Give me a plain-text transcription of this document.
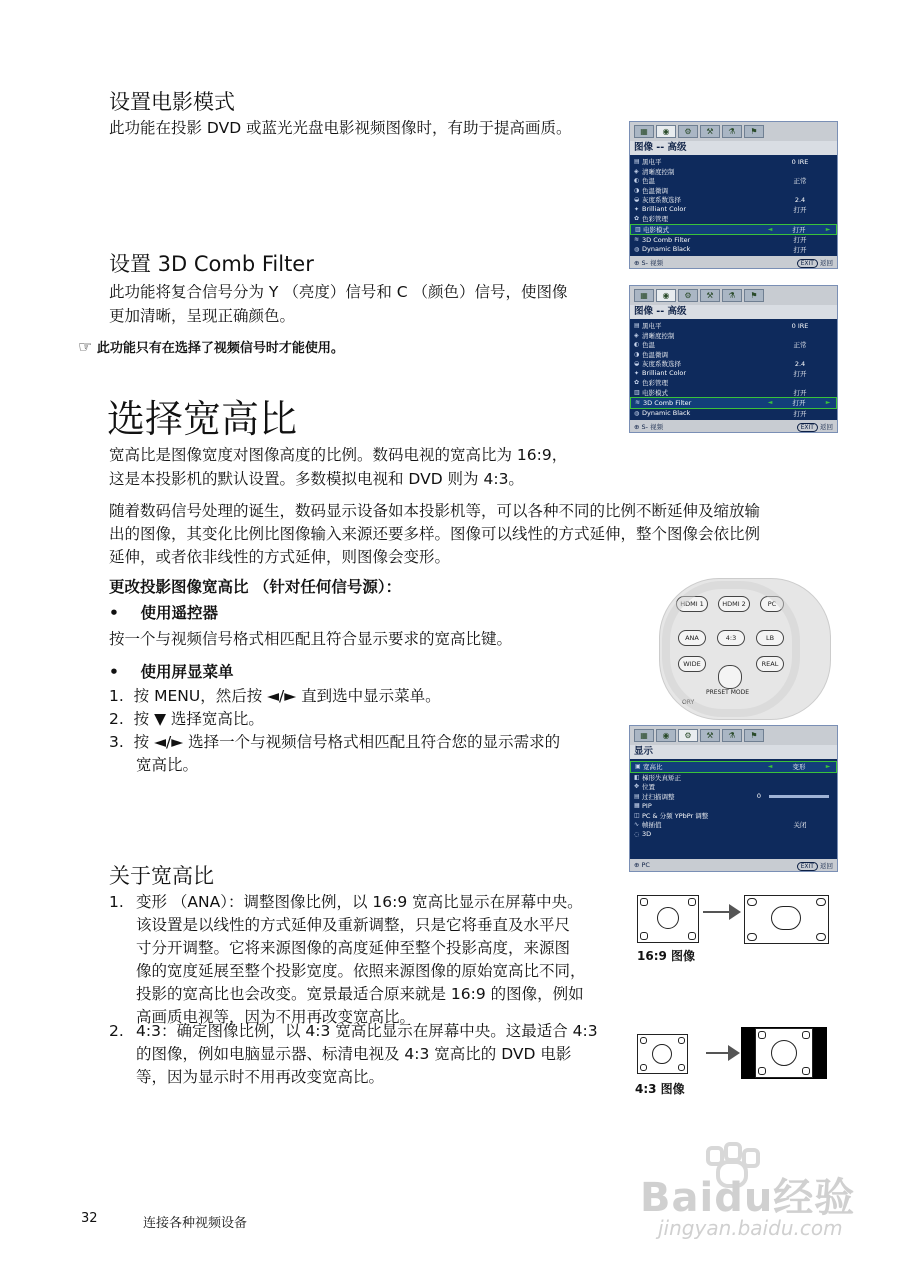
设置电影模式
此功能在投影 DVD 或蓝光光盘电影视频图像时，有助于提高画质。	▦	◉	⚙	⚒	⚗	⚑
图像 -- 高级
▤ 黑电平	0 IRE
◈ 清晰度控制
◐ 色温	正常
◑ 色温微调
◒ 灰度系数选择	2.4
✦ Brilliant Color	打开
✿ 色彩管理
▥ 电影模式	◄	打开	►
≋ 3D Comb Filter	打开
◍ Dynamic Black	打开
⊕ S- 视频	EXIT 返回
设置 3D Comb Filter
此功能将复合信号分为 Y （亮度）信号和 C （颜色）信号，使图像
更加清晰，呈现正确颜色。
☞ 此功能只有在选择了视频信号时才能使用。
▦	◉	⚙	⚒	⚗	⚑
图像 -- 高级
▤ 黑电平	0 IRE
◈ 清晰度控制
◐ 色温	正常
◑ 色温微调
◒ 灰度系数选择	2.4
✦ Brilliant Color	打开
✿ 色彩管理
▥ 电影模式	打开
≋ 3D Comb Filter	◄	打开	►
◍ Dynamic Black	打开
⊕ S- 视频	EXIT 返回
选择宽高比
宽高比是图像宽度对图像高度的比例。数码电视的宽高比为 16:9，
这是本投影机的默认设置。多数模拟电视和 DVD 则为 4:3。
随着数码信号处理的诞生，数码显示设备如本投影机等，可以各种不同的比例不断延伸及缩放输
出的图像，其变化比例比图像输入来源还要多样。图像可以线性的方式延伸，整个图像会依比例
延伸，或者依非线性的方式延伸，则图像会变形。
更改投影图像宽高比 （针对任何信号源）：
•    使用遥控器
按一个与视频信号格式相匹配且符合显示要求的宽高比键。
•    使用屏显菜单
1.  按 MENU，然后按 ◄/► 直到选中显示菜单。
2.  按 ▼ 选择宽高比。
3.  按 ◄/► 选择一个与视频信号格式相匹配且符合您的显示需求的
宽高比。
HDMI 1	HDMI 2	PC
ANA	4:3	LB
WIDE	REAL
PRESET MODE
ORY
▦	◉	⚙	⚒	⚗	⚑
显示
▣ 宽高比	◄	变形	►
◧ 梯形失真矫正
✥ 位置
▤ 过扫描调整	0
▦ PIP
◫ PC & 分频 YPbPr 调整
∿ 帧插值	关闭
◌ 3D
⊕ PC	EXIT 返回
关于宽高比
1. 变形 （ANA）：调整图像比例，以 16:9 宽高比显示在屏幕中央。
该设置是以线性的方式延伸及重新调整，只是它将垂直及水平尺
寸分开调整。它将来源图像的高度延伸至整个投影高度，来源图
像的宽度延展至整个投影宽度。依照来源图像的原始宽高比不同，
投影的宽高比也会改变。宽景最适合原来就是 16:9 的图像，例如
高画质电视等，因为不用再改变宽高比。
2. 4:3：确定图像比例，以 4:3 宽高比显示在屏幕中央。这最适合 4:3
的图像，例如电脑显示器、标清电视及 4:3 宽高比的 DVD 电影
等，因为显示时不用再改变宽高比。
16:9 图像
4:3 图像
32	连接各种视频设备
Baidu经验
jingyan.baidu.com
